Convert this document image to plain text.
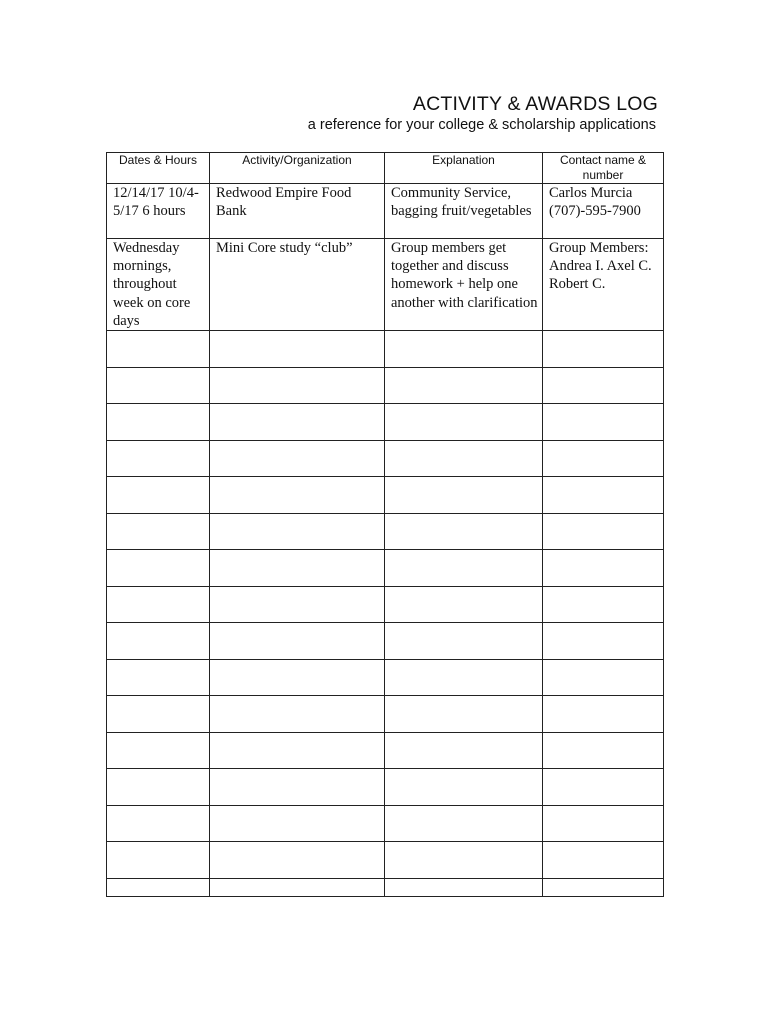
ACTIVITY & AWARDS LOG
a reference for your college & scholarship applications
Dates & Hours	Activity/Organization	Explanation	Contact name & number
12/14/17 10/4-5/17 6 hours	Redwood Empire Food Bank	Community Service, bagging fruit/vegetables	Carlos Murcia (707)-595-7900
Wednesday mornings, throughout week on core days	Mini Core study “club”	Group members get together and discuss homework + help one another with clarification	Group Members: Andrea I. Axel C. Robert C.
